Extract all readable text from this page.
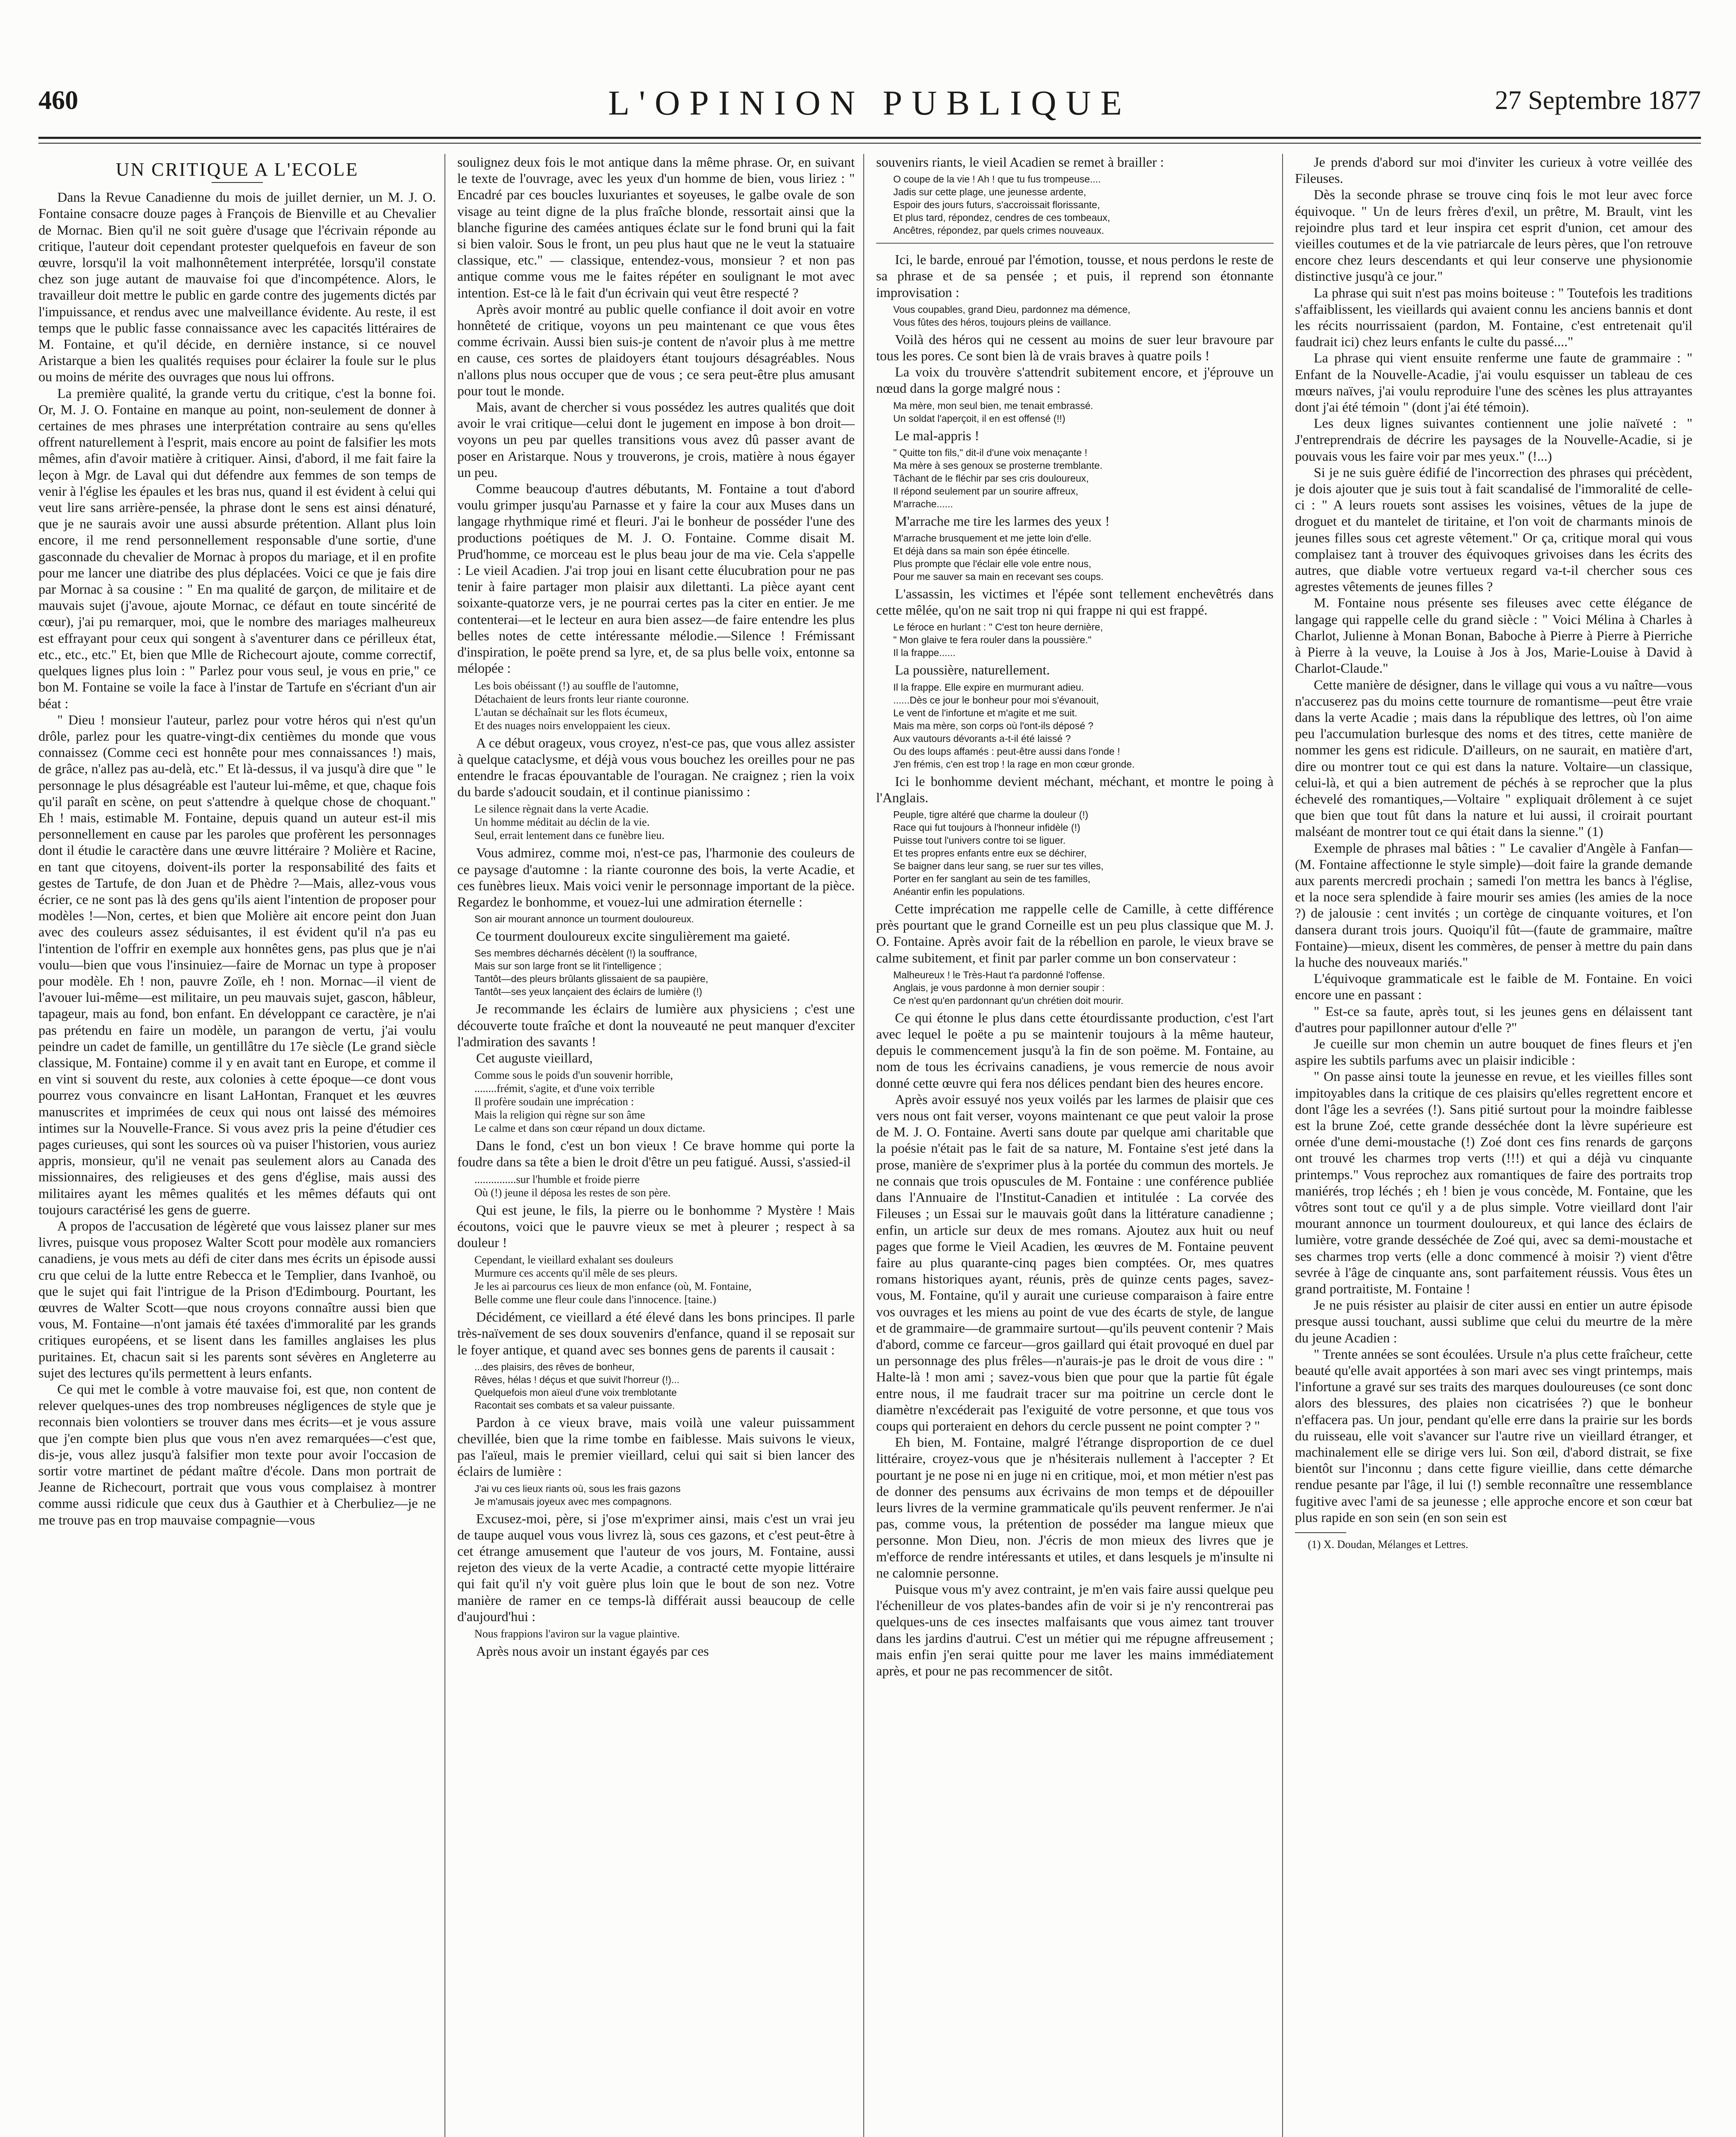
460	L'OPINION PUBLIQUE	27 Septembre 1877
UN CRITIQUE A L'ECOLE

Dans la Revue Canadienne du mois de juillet dernier, un M. J. O. Fontaine consacre douze pages à François de Bienville et au Chevalier de Mornac. Bien qu'il ne soit guère d'usage que l'écrivain réponde au critique, l'auteur doit cependant protester quelquefois en faveur de son œuvre, lorsqu'il la voit malhonnêtement interprétée, lorsqu'il constate chez son juge autant de mauvaise foi que d'incompétence. Alors, le travailleur doit mettre le public en garde contre des jugements dictés par l'impuissance, et rendus avec une malveillance évidente. Au reste, il est temps que le public fasse connaissance avec les capacités littéraires de M. Fontaine, et qu'il décide, en dernière instance, si ce nouvel Aristarque a bien les qualités requises pour éclairer la foule sur le plus ou moins de mérite des ouvrages que nous lui offrons.

La première qualité, la grande vertu du critique, c'est la bonne foi. Or, M. J. O. Fontaine en manque au point, non-seulement de donner à certaines de mes phrases une interprétation contraire au sens qu'elles offrent naturellement à l'esprit, mais encore au point de falsifier les mots mêmes, afin d'avoir matière à critiquer. Ainsi, d'abord, il me fait faire la leçon à Mgr. de Laval qui dut défendre aux femmes de son temps de venir à l'église les épaules et les bras nus, quand il est évident à celui qui veut lire sans arrière-pensée, la phrase dont le sens est ainsi dénaturé, que je ne saurais avoir une aussi absurde prétention. Allant plus loin encore, il me rend personnellement responsable d'une sortie, d'une gasconnade du chevalier de Mornac à propos du mariage, et il en profite pour me lancer une diatribe des plus déplacées. Voici ce que je fais dire par Mornac à sa cousine : " En ma qualité de garçon, de militaire et de mauvais sujet (j'avoue, ajoute Mornac, ce défaut en toute sincérité de cœur), j'ai pu remarquer, moi, que le nombre des mariages malheureux est effrayant pour ceux qui songent à s'aventurer dans ce périlleux état, etc., etc., etc." Et, bien que Mlle de Richecourt ajoute, comme correctif, quelques lignes plus loin : " Parlez pour vous seul, je vous en prie," ce bon M. Fontaine se voile la face à l'instar de Tartufe en s'écriant d'un air béat :

" Dieu ! monsieur l'auteur, parlez pour votre héros qui n'est qu'un drôle, parlez pour les quatre-vingt-dix centièmes du monde que vous connaissez (Comme ceci est honnête pour mes connaissances !) mais, de grâce, n'allez pas au-delà, etc." Et là-dessus, il va jusqu'à dire que " le personnage le plus désagréable est l'auteur lui-même, et que, chaque fois qu'il paraît en scène, on peut s'attendre à quelque chose de choquant." Eh ! mais, estimable M. Fontaine, depuis quand un auteur est-il mis personnellement en cause par les paroles que profèrent les personnages dont il étudie le caractère dans une œuvre littéraire ? Molière et Racine, en tant que citoyens, doivent-ils porter la responsabilité des faits et gestes de Tartufe, de don Juan et de Phèdre ?—Mais, allez-vous vous écrier, ce ne sont pas là des gens qu'ils aient l'intention de proposer pour modèles !—Non, certes, et bien que Molière ait encore peint don Juan avec des couleurs assez séduisantes, il est évident qu'il n'a pas eu l'intention de l'offrir en exemple aux honnêtes gens, pas plus que je n'ai voulu—bien que vous l'insinuiez—faire de Mornac un type à proposer pour modèle. Eh ! non, pauvre Zoïle, eh ! non. Mornac—il vient de l'avouer lui-même—est militaire, un peu mauvais sujet, gascon, hâbleur, tapageur, mais au fond, bon enfant. En développant ce caractère, je n'ai pas prétendu en faire un modèle, un parangon de vertu, j'ai voulu peindre un cadet de famille, un gentillâtre du 17e siècle (Le grand siècle classique, M. Fontaine) comme il y en avait tant en Europe, et comme il en vint si souvent du reste, aux colonies à cette époque—ce dont vous pourrez vous convaincre en lisant LaHontan, Franquet et les œuvres manuscrites et imprimées de ceux qui nous ont laissé des mémoires intimes sur la Nouvelle-France. Si vous avez pris la peine d'étudier ces pages curieuses, qui sont les sources où va puiser l'historien, vous auriez appris, monsieur, qu'il ne venait pas seulement alors au Canada des missionnaires, des religieuses et des gens d'église, mais aussi des militaires ayant les mêmes qualités et les mêmes défauts qui ont toujours caractérisé les gens de guerre.

A propos de l'accusation de légèreté que vous laissez planer sur mes livres, puisque vous proposez Walter Scott pour modèle aux romanciers canadiens, je vous mets au défi de citer dans mes écrits un épisode aussi cru que celui de la lutte entre Rebecca et le Templier, dans Ivanhoë, ou que le sujet qui fait l'intrigue de la Prison d'Edimbourg. Pourtant, les œuvres de Walter Scott—que nous croyons connaître aussi bien que vous, M. Fontaine—n'ont jamais été taxées d'immoralité par les grands critiques européens, et se lisent dans les familles anglaises les plus puritaines. Et, chacun sait si les parents sont sévères en Angleterre au sujet des lectures qu'ils permettent à leurs enfants.

Ce qui met le comble à votre mauvaise foi, est que, non content de relever quelques-unes des trop nombreuses négligences de style que je reconnais bien volontiers se trouver dans mes écrits—et je vous assure que j'en compte bien plus que vous n'en avez remarquées—c'est que, dis-je, vous allez jusqu'à falsifier mon texte pour avoir l'occasion de sortir votre martinet de pédant maître d'école. Dans mon portrait de Jeanne de Richecourt, portrait que vous vous complaisez à montrer comme aussi ridicule que ceux dus à Gauthier et à Cherbuliez—je ne me trouve pas en trop mauvaise compagnie—vous

soulignez deux fois le mot antique dans la même phrase. Or, en suivant le texte de l'ouvrage, avec les yeux d'un homme de bien, vous liriez : " Encadré par ces boucles luxuriantes et soyeuses, le galbe ovale de son visage au teint digne de la plus fraîche blonde, ressortait ainsi que la blanche figurine des camées antiques éclate sur le fond bruni qui la fait si bien valoir. Sous le front, un peu plus haut que ne le veut la statuaire classique, etc." — classique, entendez-vous, monsieur ? et non pas antique comme vous me le faites répéter en soulignant le mot avec intention. Est-ce là le fait d'un écrivain qui veut être respecté ?

Après avoir montré au public quelle confiance il doit avoir en votre honnêteté de critique, voyons un peu maintenant ce que vous êtes comme écrivain. Aussi bien suis-je content de n'avoir plus à me mettre en cause, ces sortes de plaidoyers étant toujours désagréables. Nous n'allons plus nous occuper que de vous ; ce sera peut-être plus amusant pour tout le monde.

Mais, avant de chercher si vous possédez les autres qualités que doit avoir le vrai critique—celui dont le jugement en impose à bon droit—voyons un peu par quelles transitions vous avez dû passer avant de poser en Aristarque. Nous y trouverons, je crois, matière à nous égayer un peu.

Comme beaucoup d'autres débutants, M. Fontaine a tout d'abord voulu grimper jusqu'au Parnasse et y faire la cour aux Muses dans un langage rhythmique rimé et fleuri. J'ai le bonheur de posséder l'une des productions poétiques de M. J. O. Fontaine. Comme disait M. Prud'homme, ce morceau est le plus beau jour de ma vie. Cela s'appelle : Le vieil Acadien. J'ai trop joui en lisant cette élucubration pour ne pas tenir à faire partager mon plaisir aux dilettanti. La pièce ayant cent soixante-quatorze vers, je ne pourrai certes pas la citer en entier. Je me contenterai—et le lecteur en aura bien assez—de faire entendre les plus belles notes de cette intéressante mélodie.—Silence ! Frémissant d'inspiration, le poëte prend sa lyre, et, de sa plus belle voix, entonne sa mélopée :

Les bois obéissant (!) au souffle de l'automne,
Détachaient de leurs fronts leur riante couronne.
L'autan se déchaînait sur les flots écumeux,
Et des nuages noirs enveloppaient les cieux.

A ce début orageux, vous croyez, n'est-ce pas, que vous allez assister à quelque cataclysme, et déjà vous vous bouchez les oreilles pour ne pas entendre le fracas épouvantable de l'ouragan. Ne craignez ; rien la voix du barde s'adoucit soudain, et il continue pianissimo :

Le silence règnait dans la verte Acadie.
Un homme méditait au déclin de la vie.
Seul, errait lentement dans ce funèbre lieu.

Vous admirez, comme moi, n'est-ce pas, l'harmonie des couleurs de ce paysage d'automne : la riante couronne des bois, la verte Acadie, et ces funèbres lieux. Mais voici venir le personnage important de la pièce. Regardez le bonhomme, et vouez-lui une admiration éternelle :

Son air mourant annonce un tourment douloureux.

Ce tourment douloureux excite singulièrement ma gaieté.

Ses membres décharnés décèlent (!) la souffrance,
Mais sur son large front se lit l'intelligence ;
Tantôt—des pleurs brûlants glissaient de sa paupière,
Tantôt—ses yeux lançaient des éclairs de lumière (!)

Je recommande les éclairs de lumière aux physiciens ; c'est une découverte toute fraîche et dont la nouveauté ne peut manquer d'exciter l'admiration des savants !

Cet auguste vieillard,

Comme sous le poids d'un souvenir horrible,
........frémit, s'agite, et d'une voix terrible
Il profère soudain une imprécation :
Mais la religion qui règne sur son âme
Le calme et dans son cœur répand un doux dictame.

Dans le fond, c'est un bon vieux ! Ce brave homme qui porte la foudre dans sa tête a bien le droit d'être un peu fatigué. Aussi, s'assied-il

...............sur l'humble et froide pierre
Où (!) jeune il déposa les restes de son père.

Qui est jeune, le fils, la pierre ou le bonhomme ? Mystère ! Mais écoutons, voici que le pauvre vieux se met à pleurer ; respect à sa douleur !

Cependant, le vieillard exhalant ses douleurs
Murmure ces accents qu'il mêle de ses pleurs.
Je les ai parcourus ces lieux de mon enfance (où, M. Fontaine,
Belle comme une fleur coule dans l'innocence. [taine.)

Décidément, ce vieillard a été élevé dans les bons principes. Il parle très-naïvement de ses doux souvenirs d'enfance, quand il se reposait sur le foyer antique, et quand avec ses bonnes gens de parents il causait :

...des plaisirs, des rêves de bonheur,
Rêves, hélas ! déçus et que suivit l'horreur (!)...
Quelquefois mon aïeul d'une voix tremblotante
Racontait ses combats et sa valeur puissante.

Pardon à ce vieux brave, mais voilà une valeur puissamment chevillée, bien que la rime tombe en faiblesse. Mais suivons le vieux, pas l'aïeul, mais le premier vieillard, celui qui sait si bien lancer des éclairs de lumière :

J'ai vu ces lieux riants où, sous les frais gazons
Je m'amusais joyeux avec mes compagnons.

Excusez-moi, père, si j'ose m'exprimer ainsi, mais c'est un vrai jeu de taupe auquel vous vous livrez là, sous ces gazons, et c'est peut-être à cet étrange amusement que l'auteur de vos jours, M. Fontaine, aussi rejeton des vieux de la verte Acadie, a contracté cette myopie littéraire qui fait qu'il n'y voit guère plus loin que le bout de son nez. Votre manière de ramer en ce temps-là différait aussi beaucoup de celle d'aujourd'hui :

Nous frappions l'aviron sur la vague plaintive.

Après nous avoir un instant égayés par ces

souvenirs riants, le vieil Acadien se remet à brailler :

O coupe de la vie ! Ah ! que tu fus trompeuse....
Jadis sur cette plage, une jeunesse ardente,
Espoir des jours futurs, s'accroissait florissante,
Et plus tard, répondez, cendres de ces tombeaux,
Ancêtres, répondez, par quels crimes nouveaux.

Ici, le barde, enroué par l'émotion, tousse, et nous perdons le reste de sa phrase et de sa pensée ; et puis, il reprend son étonnante improvisation :

Vous coupables, grand Dieu, pardonnez ma démence,
Vous fûtes des héros, toujours pleins de vaillance.

Voilà des héros qui ne cessent au moins de suer leur bravoure par tous les pores. Ce sont bien là de vrais braves à quatre poils !

La voix du trouvère s'attendrit subitement encore, et j'éprouve un nœud dans la gorge malgré nous :

Ma mère, mon seul bien, me tenait embrassé.
Un soldat l'aperçoit, il en est offensé (!!)

Le mal-appris !

" Quitte ton fils," dit-il d'une voix menaçante !
Ma mère à ses genoux se prosterne tremblante.
Tâchant de le fléchir par ses cris douloureux,
Il répond seulement par un sourire affreux,
M'arrache......

M'arrache me tire les larmes des yeux !

M'arrache brusquement et me jette loin d'elle.
Et déjà dans sa main son épée étincelle.
Plus prompte que l'éclair elle vole entre nous,
Pour me sauver sa main en recevant ses coups.

L'assassin, les victimes et l'épée sont tellement enchevêtrés dans cette mêlée, qu'on ne sait trop ni qui frappe ni qui est frappé.

Le féroce en hurlant : " C'est ton heure dernière,
" Mon glaive te fera rouler dans la poussière."
Il la frappe......

La poussière, naturellement.

Il la frappe. Elle expire en murmurant adieu.
......Dès ce jour le bonheur pour moi s'évanouit,
Le vent de l'infortune et m'agite et me suit.
Mais ma mère, son corps où l'ont-ils déposé ?
Aux vautours dévorants a-t-il été laissé ?
Ou des loups affamés : peut-être aussi dans l'onde !
J'en frémis, c'en est trop ! la rage en mon cœur gronde.

Ici le bonhomme devient méchant, méchant, et montre le poing à l'Anglais.

Peuple, tigre altéré que charme la douleur (!)
Race qui fut toujours à l'honneur infidèle (!)
Puisse tout l'univers contre toi se liguer.
Et tes propres enfants entre eux se déchirer,
Se baigner dans leur sang, se ruer sur tes villes,
Porter en fer sanglant au sein de tes familles,
Anéantir enfin les populations.

Cette imprécation me rappelle celle de Camille, à cette différence près pourtant que le grand Corneille est un peu plus classique que M. J. O. Fontaine. Après avoir fait de la rébellion en parole, le vieux brave se calme subitement, et finit par parler comme un bon conservateur :

Malheureux ! le Très-Haut t'a pardonné l'offense.
Anglais, je vous pardonne à mon dernier soupir :
Ce n'est qu'en pardonnant qu'un chrétien doit mourir.

Ce qui étonne le plus dans cette étourdissante production, c'est l'art avec lequel le poëte a pu se maintenir toujours à la même hauteur, depuis le commencement jusqu'à la fin de son poëme. M. Fontaine, au nom de tous les écrivains canadiens, je vous remercie de nous avoir donné cette œuvre qui fera nos délices pendant bien des heures encore.

Après avoir essuyé nos yeux voilés par les larmes de plaisir que ces vers nous ont fait verser, voyons maintenant ce que peut valoir la prose de M. J. O. Fontaine. Averti sans doute par quelque ami charitable que la poésie n'était pas le fait de sa nature, M. Fontaine s'est jeté dans la prose, manière de s'exprimer plus à la portée du commun des mortels. Je ne connais que trois opuscules de M. Fontaine : une conférence publiée dans l'Annuaire de l'Institut-Canadien et intitulée : La corvée des Fileuses ; un Essai sur le mauvais goût dans la littérature canadienne ; enfin, un article sur deux de mes romans. Ajoutez aux huit ou neuf pages que forme le Vieil Acadien, les œuvres de M. Fontaine peuvent faire au plus quarante-cinq pages bien comptées. Or, mes quatres romans historiques ayant, réunis, près de quinze cents pages, savez-vous, M. Fontaine, qu'il y aurait une curieuse comparaison à faire entre vos ouvrages et les miens au point de vue des écarts de style, de langue et de grammaire—de grammaire surtout—qu'ils peuvent contenir ? Mais d'abord, comme ce farceur—gros gaillard qui était provoqué en duel par un personnage des plus frêles—n'aurais-je pas le droit de vous dire : " Halte-là ! mon ami ; savez-vous bien que pour que la partie fût égale entre nous, il me faudrait tracer sur ma poitrine un cercle dont le diamètre n'excéderait pas l'exiguité de votre personne, et que tous vos coups qui porteraient en dehors du cercle pussent ne point compter ? "

Eh bien, M. Fontaine, malgré l'étrange disproportion de ce duel littéraire, croyez-vous que je n'hésiterais nullement à l'accepter ? Et pourtant je ne pose ni en juge ni en critique, moi, et mon métier n'est pas de donner des pensums aux écrivains de mon temps et de dépouiller leurs livres de la vermine grammaticale qu'ils peuvent renfermer. Je n'ai pas, comme vous, la prétention de posséder ma langue mieux que personne. Mon Dieu, non. J'écris de mon mieux des livres que je m'efforce de rendre intéressants et utiles, et dans lesquels je m'insulte ni ne calomnie personne.

Puisque vous m'y avez contraint, je m'en vais faire aussi quelque peu l'échenilleur de vos plates-bandes afin de voir si je n'y rencontrerai pas quelques-uns de ces insectes malfaisants que vous aimez tant trouver dans les jardins d'autrui. C'est un métier qui me répugne affreusement ; mais enfin j'en serai quitte pour me laver les mains immédiatement après, et pour ne pas recommencer de sitôt.

Je prends d'abord sur moi d'inviter les curieux à votre veillée des Fileuses.

Dès la seconde phrase se trouve cinq fois le mot leur avec force équivoque. " Un de leurs frères d'exil, un prêtre, M. Brault, vint les rejoindre plus tard et leur inspira cet esprit d'union, cet amour des vieilles coutumes et de la vie patriarcale de leurs pères, que l'on retrouve encore chez leurs descendants et qui leur conserve une physionomie distinctive jusqu'à ce jour."

La phrase qui suit n'est pas moins boiteuse : " Toutefois les traditions s'affaiblissent, les vieillards qui avaient connu les anciens bannis et dont les récits nourrissaient (pardon, M. Fontaine, c'est entretenait qu'il faudrait ici) chez leurs enfants le culte du passé...."

La phrase qui vient ensuite renferme une faute de grammaire : " Enfant de la Nouvelle-Acadie, j'ai voulu esquisser un tableau de ces mœurs naïves, j'ai voulu reproduire l'une des scènes les plus attrayantes dont j'ai été témoin " (dont j'ai été témoin).

Les deux lignes suivantes contiennent une jolie naïveté : " J'entreprendrais de décrire les paysages de la Nouvelle-Acadie, si je pouvais vous les faire voir par mes yeux." (!...)

Si je ne suis guère édifié de l'incorrection des phrases qui précèdent, je dois ajouter que je suis tout à fait scandalisé de l'immoralité de celle-ci : " A leurs rouets sont assises les voisines, vêtues de la jupe de droguet et du mantelet de tiritaine, et l'on voit de charmants minois de jeunes filles sous cet agreste vêtement." Or ça, critique moral qui vous complaisez tant à trouver des équivoques grivoises dans les écrits des autres, que diable votre vertueux regard va-t-il chercher sous ces agrestes vêtements de jeunes filles ?

M. Fontaine nous présente ses fileuses avec cette élégance de langage qui rappelle celle du grand siècle : " Voici Mélina à Charles à Charlot, Julienne à Monan Bonan, Baboche à Pierre à Pierre à Pierriche à Pierre à la veuve, la Louise à Jos à Jos, Marie-Louise à David à Charlot-Claude."

Cette manière de désigner, dans le village qui vous a vu naître—vous n'accuserez pas du moins cette tournure de romantisme—peut être vraie dans la verte Acadie ; mais dans la république des lettres, où l'on aime peu l'accumulation burlesque des noms et des titres, cette manière de nommer les gens est ridicule. D'ailleurs, on ne saurait, en matière d'art, dire ou montrer tout ce qui est dans la nature. Voltaire—un classique, celui-là, et qui a bien autrement de péchés à se reprocher que la plus échevelé des romantiques,—Voltaire " expliquait drôlement à ce sujet que bien que tout fût dans la nature et lui aussi, il croirait pourtant malséant de montrer tout ce qui était dans la sienne." (1)

Exemple de phrases mal bâties : " Le cavalier d'Angèle à Fanfan—(M. Fontaine affectionne le style simple)—doit faire la grande demande aux parents mercredi prochain ; samedi l'on mettra les bancs à l'église, et la noce sera splendide à faire mourir ses amies (les amies de la noce ?) de jalousie : cent invités ; un cortège de cinquante voitures, et l'on dansera durant trois jours. Quoiqu'il fût—(faute de grammaire, maître Fontaine)—mieux, disent les commères, de penser à mettre du pain dans la huche des nouveaux mariés."

L'équivoque grammaticale est le faible de M. Fontaine. En voici encore une en passant :

" Est-ce sa faute, après tout, si les jeunes gens en délaissent tant d'autres pour papillonner autour d'elle ?"

Je cueille sur mon chemin un autre bouquet de fines fleurs et j'en aspire les subtils parfums avec un plaisir indicible :

" On passe ainsi toute la jeunesse en revue, et les vieilles filles sont impitoyables dans la critique de ces plaisirs qu'elles regrettent encore et dont l'âge les a sevrées (!). Sans pitié surtout pour la moindre faiblesse est la brune Zoé, cette grande desséchée dont la lèvre supérieure est ornée d'une demi-moustache (!) Zoé dont ces fins renards de garçons ont trouvé les charmes trop verts (!!!) et qui a déjà vu cinquante printemps." Vous reprochez aux romantiques de faire des portraits trop maniérés, trop léchés ; eh ! bien je vous concède, M. Fontaine, que les vôtres sont tout ce qu'il y a de plus simple. Votre vieillard dont l'air mourant annonce un tourment douloureux, et qui lance des éclairs de lumière, votre grande desséchée de Zoé qui, avec sa demi-moustache et ses charmes trop verts (elle a donc commencé à moisir ?) vient d'être sevrée à l'âge de cinquante ans, sont parfaitement réussis. Vous êtes un grand portraitiste, M. Fontaine !

Je ne puis résister au plaisir de citer aussi en entier un autre épisode presque aussi touchant, aussi sublime que celui du meurtre de la mère du jeune Acadien :

" Trente années se sont écoulées. Ursule n'a plus cette fraîcheur, cette beauté qu'elle avait apportées à son mari avec ses vingt printemps, mais l'infortune a gravé sur ses traits des marques douloureuses (ce sont donc alors des blessures, des plaies non cicatrisées ?) que le bonheur n'effacera pas. Un jour, pendant qu'elle erre dans la prairie sur les bords du ruisseau, elle voit s'avancer sur l'autre rive un vieillard étranger, et machinalement elle se dirige vers lui. Son œil, d'abord distrait, se fixe bientôt sur l'inconnu ; dans cette figure vieillie, dans cette démarche rendue pesante par l'âge, il lui (!) semble reconnaître une ressemblance fugitive avec l'ami de sa jeunesse ; elle approche encore et son cœur bat plus rapide en son sein (en son sein est

(1) X. Doudan, Mélanges et Lettres.
